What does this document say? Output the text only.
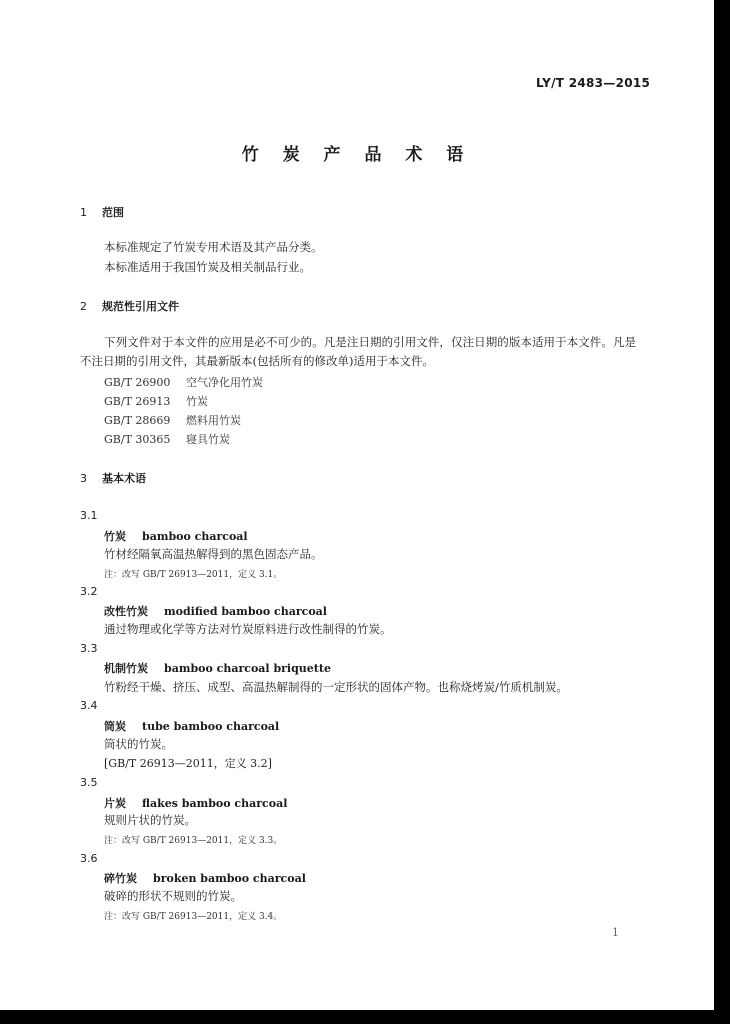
LY/T 2483—2015
竹 炭 产 品 术 语
1 范围
本标准规定了竹炭专用术语及其产品分类。
本标准适用于我国竹炭及相关制品行业。
2 规范性引用文件
下列文件对于本文件的应用是必不可少的。凡是注日期的引用文件，仅注日期的版本适用于本文件。凡是不注日期的引用文件，其最新版本(包括所有的修改单)适用于本文件。
GB/T 26900 空气净化用竹炭
GB/T 26913 竹炭
GB/T 28669 燃料用竹炭
GB/T 30365 寝具竹炭
3 基本术语
3.1
竹炭 bamboo charcoal
竹材经隔氧高温热解得到的黑色固态产品。
注：改写 GB/T 26913—2011，定义 3.1。
3.2
改性竹炭 modified bamboo charcoal
通过物理或化学等方法对竹炭原料进行改性制得的竹炭。
3.3
机制竹炭 bamboo charcoal briquette
竹粉经干燥、挤压、成型、高温热解制得的一定形状的固体产物。也称烧烤炭/竹质机制炭。
3.4
筒炭 tube bamboo charcoal
筒状的竹炭。
[GB/T 26913—2011，定义 3.2]
3.5
片炭 flakes bamboo charcoal
规则片状的竹炭。
注：改写 GB/T 26913—2011，定义 3.3。
3.6
碎竹炭 broken bamboo charcoal
破碎的形状不规则的竹炭。
注：改写 GB/T 26913—2011，定义 3.4。
1
